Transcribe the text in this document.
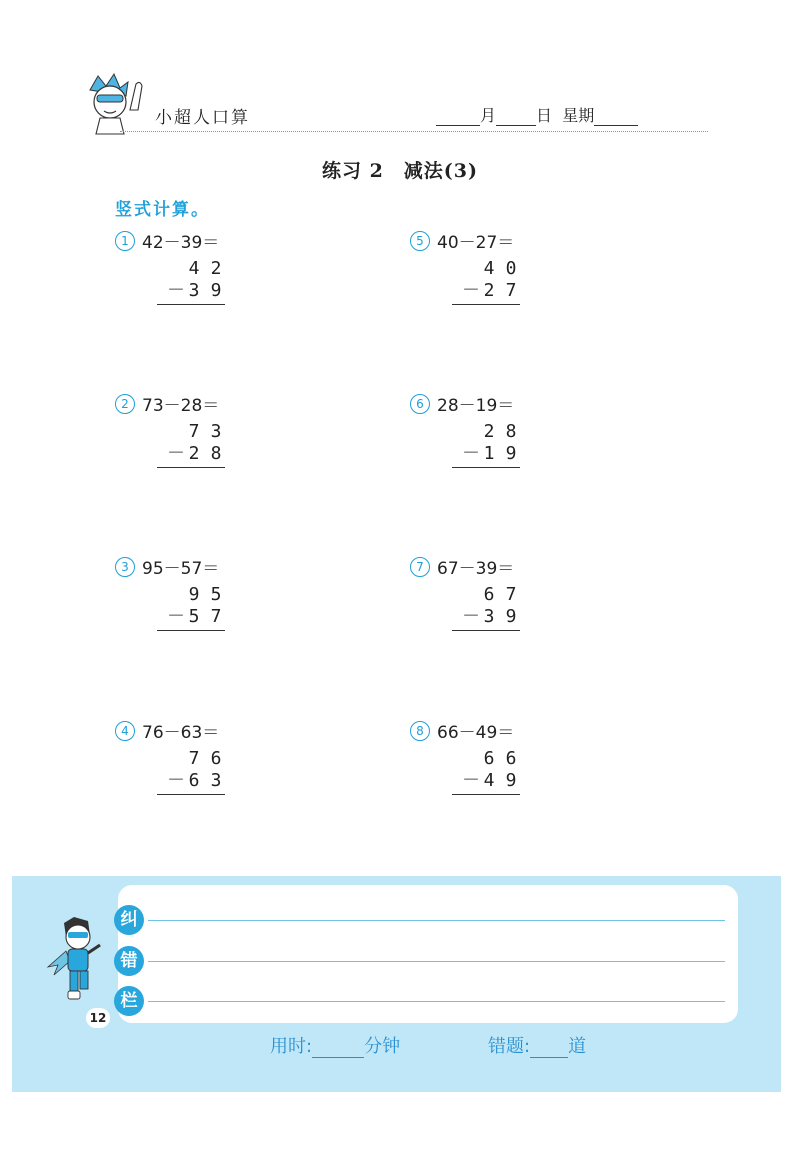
小超人口算	月	日 星期
练习 2　减法(3)
竖式计算。
1 42－39＝
4 2
－ 3 9
2 73－28＝
7 3
－ 2 8
3 95－57＝
9 5
－ 5 7
4 76－63＝
7 6
－ 6 3
5 40－27＝
4 0
－ 2 7
6 28－19＝
2 8
－ 1 9
7 67－39＝
6 7
－ 3 9
8 66－49＝
6 6
－ 4 9
纠
错
栏
12
用时:	分钟	错题: 道
